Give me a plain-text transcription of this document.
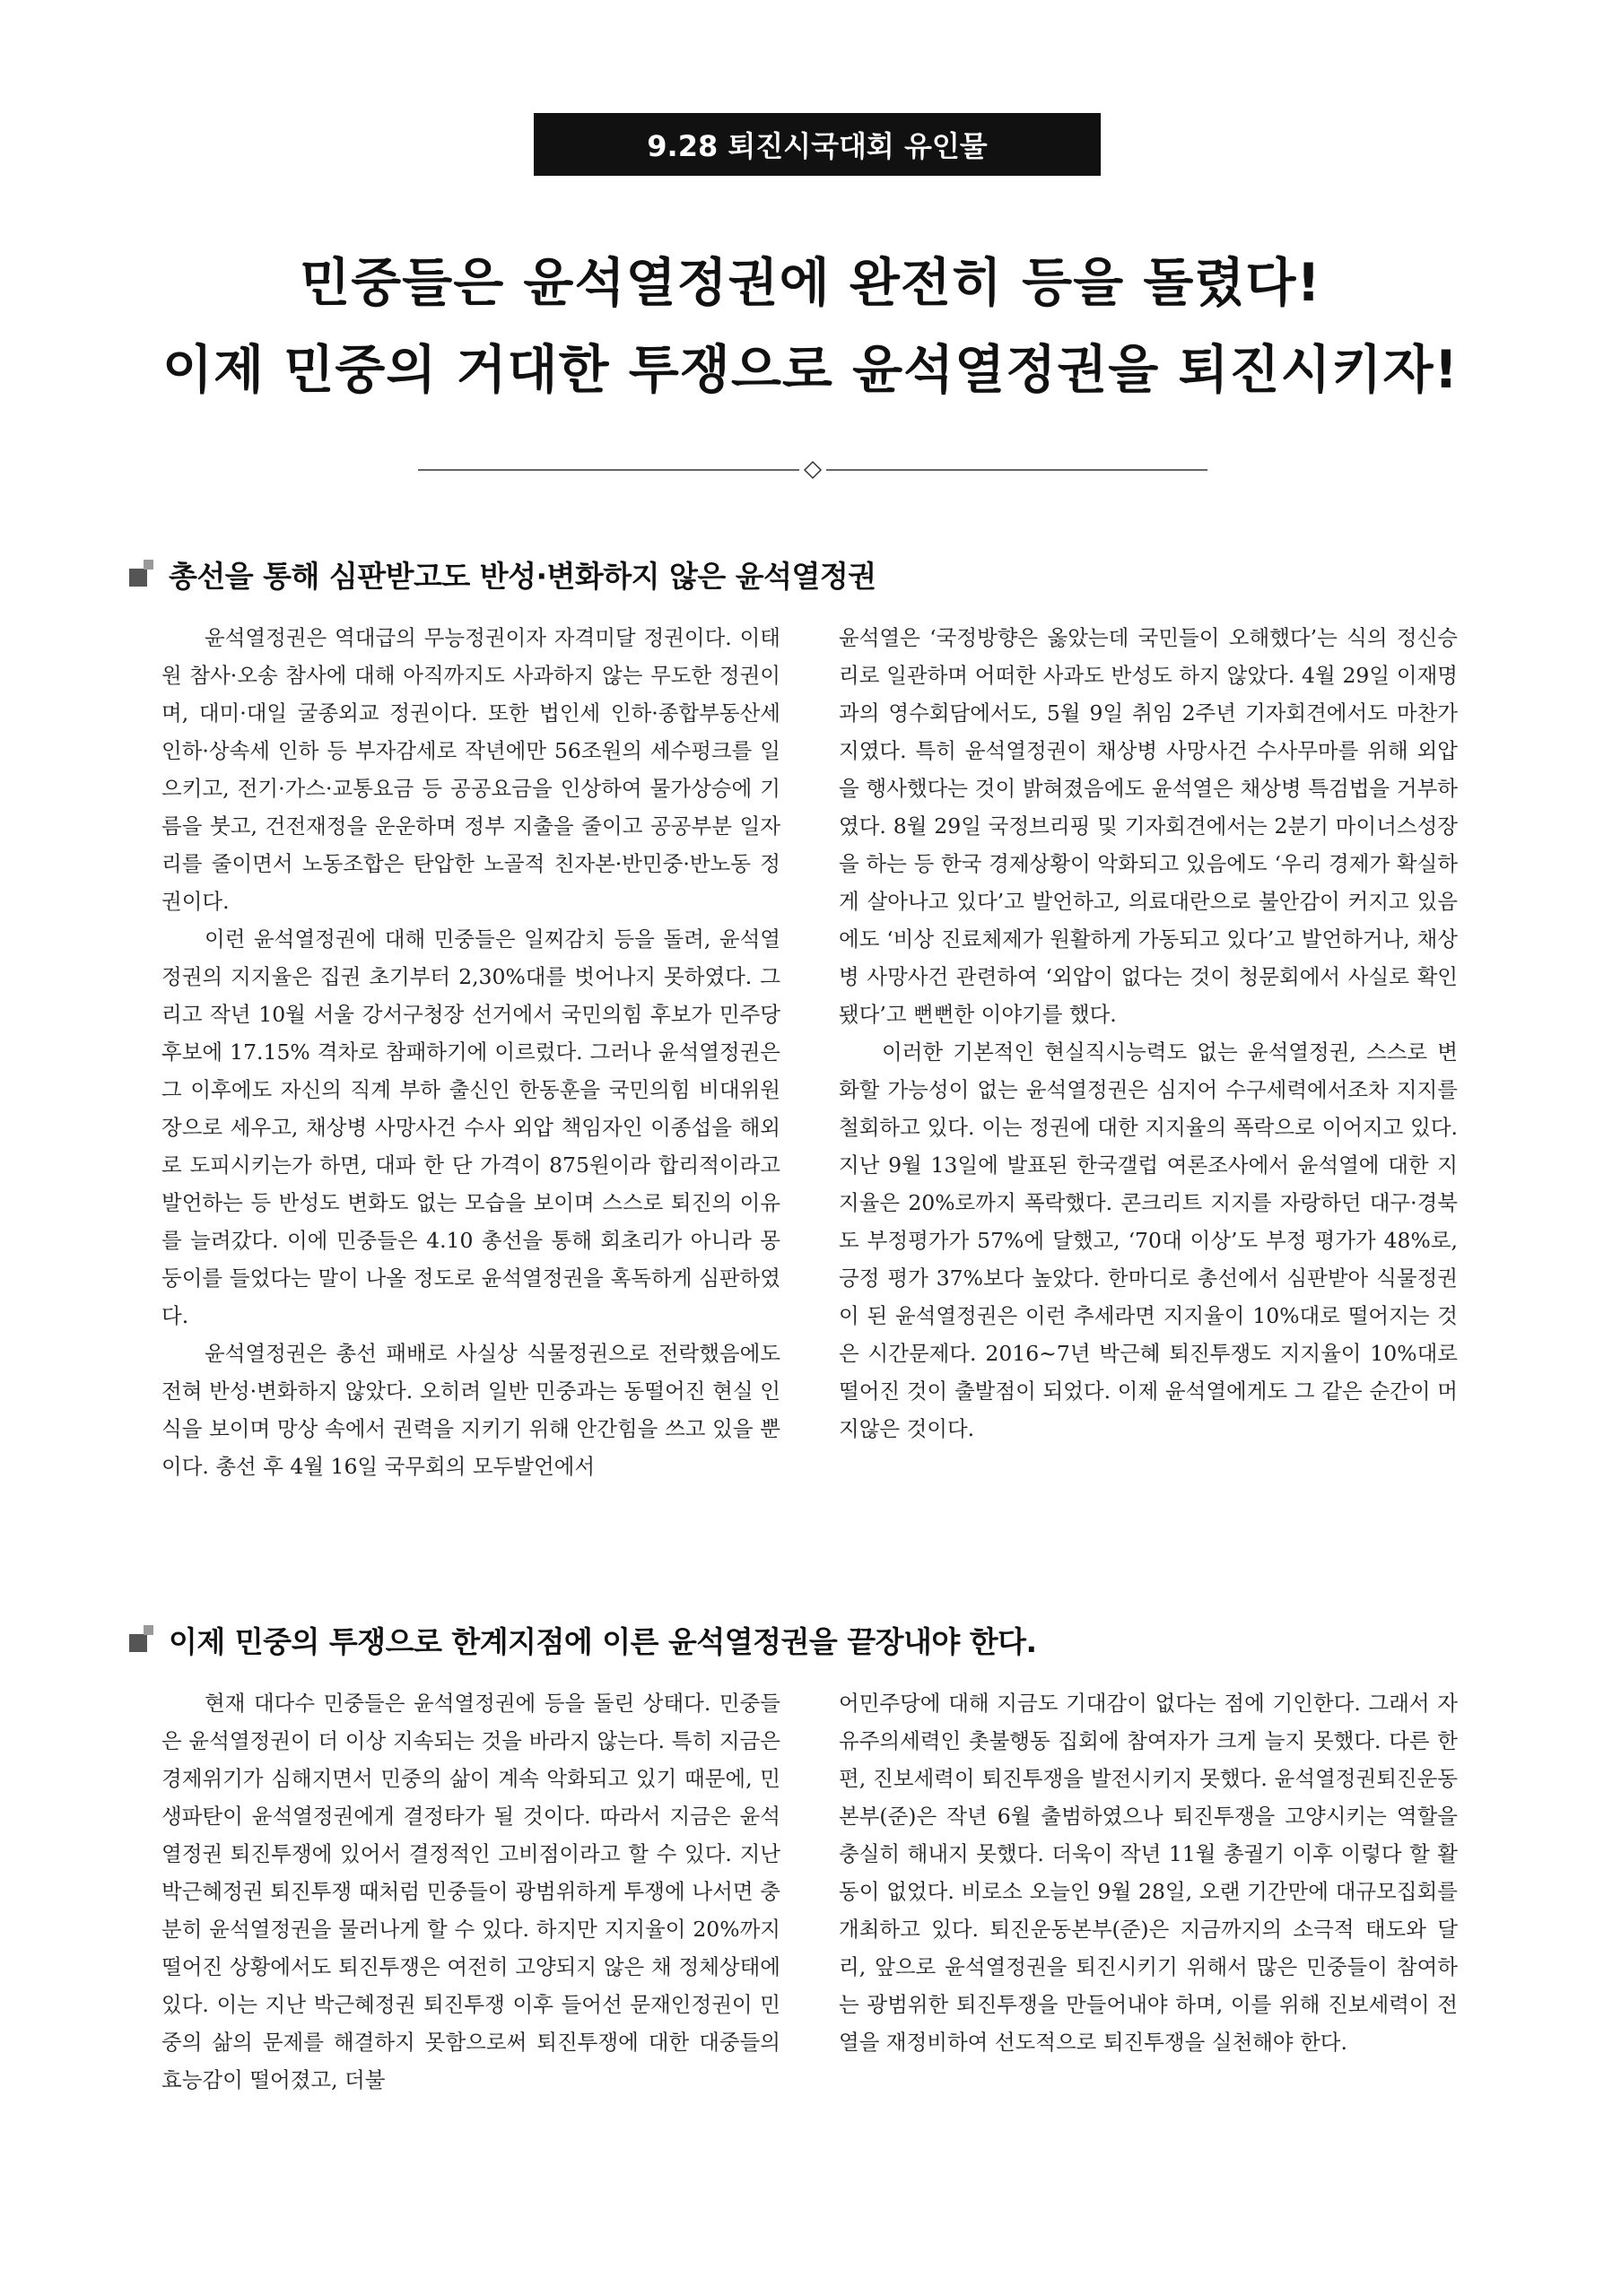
9.28 퇴진시국대회 유인물
민중들은 윤석열정권에 완전히 등을 돌렸다!
이제 민중의 거대한 투쟁으로 윤석열정권을 퇴진시키자!
총선을 통해 심판받고도 반성·변화하지 않은 윤석열정권

윤석열정권은 역대급의 무능정권이자 자격미달 정권이다. 이태원 참사·오송 참사에 대해 아직까지도 사과하지 않는 무도한 정권이며, 대미·대일 굴종외교 정권이다. 또한 법인세 인하·종합부동산세 인하·상속세 인하 등 부자감세로 작년에만 56조원의 세수펑크를 일으키고, 전기·가스·교통요금 등 공공요금을 인상하여 물가상승에 기름을 붓고, 건전재정을 운운하며 정부 지출을 줄이고 공공부분 일자리를 줄이면서 노동조합은 탄압한 노골적 친자본·반민중·반노동 정권이다.

이런 윤석열정권에 대해 민중들은 일찌감치 등을 돌려, 윤석열정권의 지지율은 집권 초기부터 2,30%대를 벗어나지 못하였다. 그리고 작년 10월 서울 강서구청장 선거에서 국민의힘 후보가 민주당 후보에 17.15% 격차로 참패하기에 이르렀다. 그러나 윤석열정권은 그 이후에도 자신의 직계 부하 출신인 한동훈을 국민의힘 비대위원장으로 세우고, 채상병 사망사건 수사 외압 책임자인 이종섭을 해외로 도피시키는가 하면, 대파 한 단 가격이 875원이라 합리적이라고 발언하는 등 반성도 변화도 없는 모습을 보이며 스스로 퇴진의 이유를 늘려갔다. 이에 민중들은 4.10 총선을 통해 회초리가 아니라 몽둥이를 들었다는 말이 나올 정도로 윤석열정권을 혹독하게 심판하였다.

윤석열정권은 총선 패배로 사실상 식물정권으로 전락했음에도 전혀 반성·변화하지 않았다. 오히려 일반 민중과는 동떨어진 현실 인식을 보이며 망상 속에서 권력을 지키기 위해 안간힘을 쓰고 있을 뿐이다. 총선 후 4월 16일 국무회의 모두발언에서

윤석열은 ‘국정방향은 옳았는데 국민들이 오해했다’는 식의 정신승리로 일관하며 어떠한 사과도 반성도 하지 않았다. 4월 29일 이재명과의 영수회담에서도, 5월 9일 취임 2주년 기자회견에서도 마찬가지였다. 특히 윤석열정권이 채상병 사망사건 수사무마를 위해 외압을 행사했다는 것이 밝혀졌음에도 윤석열은 채상병 특검법을 거부하였다. 8월 29일 국정브리핑 및 기자회견에서는 2분기 마이너스성장을 하는 등 한국 경제상황이 악화되고 있음에도 ‘우리 경제가 확실하게 살아나고 있다’고 발언하고, 의료대란으로 불안감이 커지고 있음에도 ‘비상 진료체제가 원활하게 가동되고 있다’고 발언하거나, 채상병 사망사건 관련하여 ‘외압이 없다는 것이 청문회에서 사실로 확인됐다’고 뻔뻔한 이야기를 했다.

이러한 기본적인 현실직시능력도 없는 윤석열정권, 스스로 변화할 가능성이 없는 윤석열정권은 심지어 수구세력에서조차 지지를 철회하고 있다. 이는 정권에 대한 지지율의 폭락으로 이어지고 있다. 지난 9월 13일에 발표된 한국갤럽 여론조사에서 윤석열에 대한 지지율은 20%로까지 폭락했다. 콘크리트 지지를 자랑하던 대구·경북도 부정평가가 57%에 달했고, ‘70대 이상’도 부정 평가가 48%로, 긍정 평가 37%보다 높았다. 한마디로 총선에서 심판받아 식물정권이 된 윤석열정권은 이런 추세라면 지지율이 10%대로 떨어지는 것은 시간문제다. 2016~7년 박근혜 퇴진투쟁도 지지율이 10%대로 떨어진 것이 출발점이 되었다. 이제 윤석열에게도 그 같은 순간이 머지않은 것이다.

이제 민중의 투쟁으로 한계지점에 이른 윤석열정권을 끝장내야 한다.

현재 대다수 민중들은 윤석열정권에 등을 돌린 상태다. 민중들은 윤석열정권이 더 이상 지속되는 것을 바라지 않는다. 특히 지금은 경제위기가 심해지면서 민중의 삶이 계속 악화되고 있기 때문에, 민생파탄이 윤석열정권에게 결정타가 될 것이다. 따라서 지금은 윤석열정권 퇴진투쟁에 있어서 결정적인 고비점이라고 할 수 있다. 지난 박근혜정권 퇴진투쟁 때처럼 민중들이 광범위하게 투쟁에 나서면 충분히 윤석열정권을 물러나게 할 수 있다. 하지만 지지율이 20%까지 떨어진 상황에서도 퇴진투쟁은 여전히 고양되지 않은 채 정체상태에 있다. 이는 지난 박근혜정권 퇴진투쟁 이후 들어선 문재인정권이 민중의 삶의 문제를 해결하지 못함으로써 퇴진투쟁에 대한 대중들의 효능감이 떨어졌고, 더불

어민주당에 대해 지금도 기대감이 없다는 점에 기인한다. 그래서 자유주의세력인 촛불행동 집회에 참여자가 크게 늘지 못했다. 다른 한편, 진보세력이 퇴진투쟁을 발전시키지 못했다. 윤석열정권퇴진운동본부(준)은 작년 6월 출범하였으나 퇴진투쟁을 고양시키는 역할을 충실히 해내지 못했다. 더욱이 작년 11월 총궐기 이후 이렇다 할 활동이 없었다. 비로소 오늘인 9월 28일, 오랜 기간만에 대규모집회를 개최하고 있다. 퇴진운동본부(준)은 지금까지의 소극적 태도와 달리, 앞으로 윤석열정권을 퇴진시키기 위해서 많은 민중들이 참여하는 광범위한 퇴진투쟁을 만들어내야 하며, 이를 위해 진보세력이 전열을 재정비하여 선도적으로 퇴진투쟁을 실천해야 한다.
